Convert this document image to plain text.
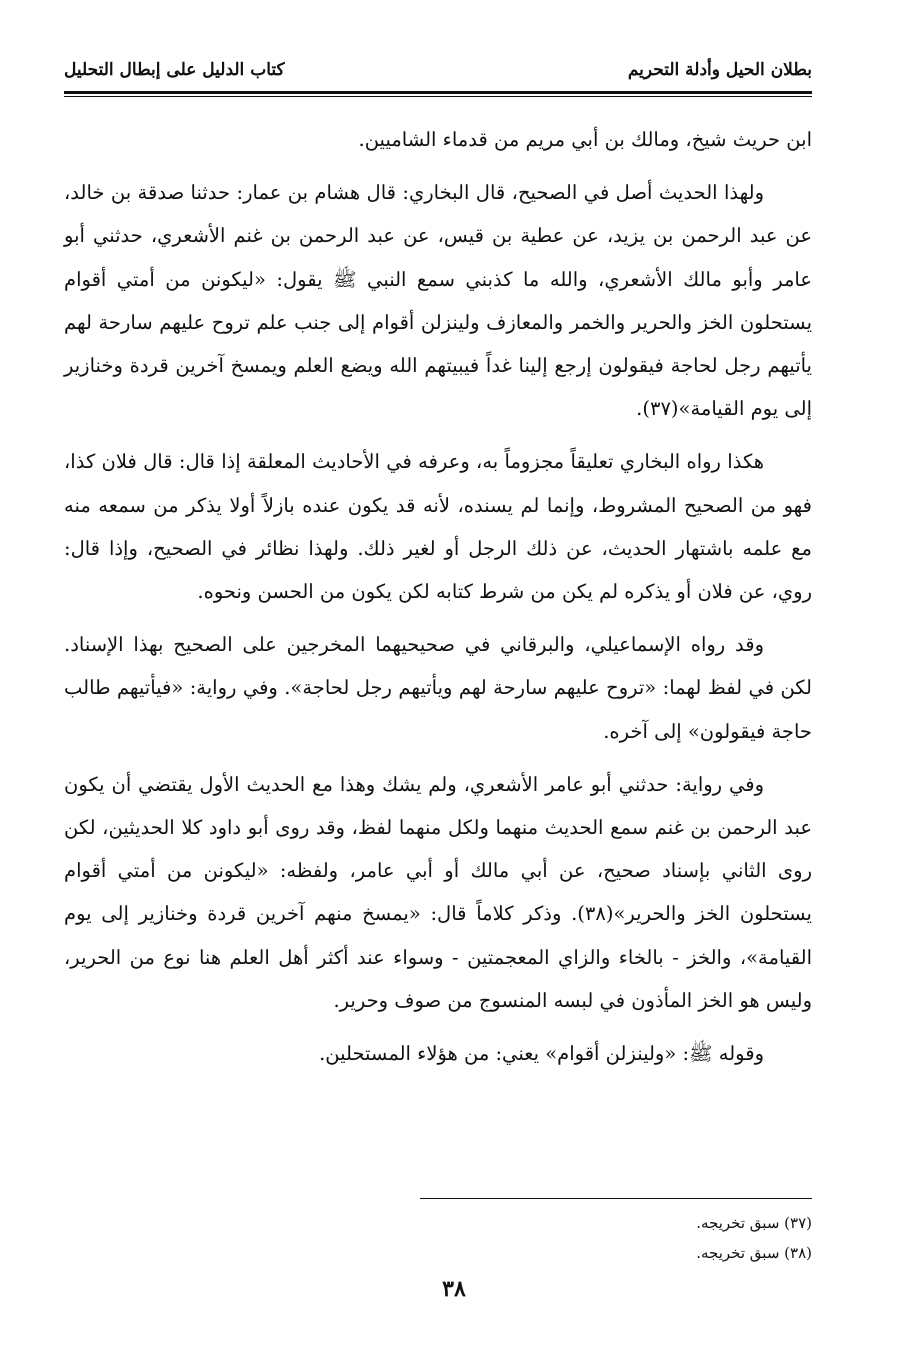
بطلان الحيل وأدلة التحريم
كتاب الدليل على إبطال التحليل

ابن حريث شيخ، ومالك بن أبي مريم من قدماء الشاميين.

ولهذا الحديث أصل في الصحيح، قال البخاري: قال هشام بن عمار: حدثنا صدقة بن خالد، عن عبد الرحمن بن يزيد، عن عطية بن قيس، عن عبد الرحمن بن غنم الأشعري، حدثني أبو عامر وأبو مالك الأشعري، والله ما كذبني سمع النبي ﷺ يقول: «ليكونن من أمتي أقوام يستحلون الخز والحرير والخمر والمعازف ولينزلن أقوام إلى جنب علم تروح عليهم سارحة لهم يأتيهم رجل لحاجة فيقولون إرجع إلينا غداً فيبيتهم الله ويضع العلم ويمسخ آخرين قردة وخنازير إلى يوم القيامة»(٣٧).

هكذا رواه البخاري تعليقاً مجزوماً به، وعرفه في الأحاديث المعلقة إذا قال: قال فلان كذا، فهو من الصحيح المشروط، وإنما لم يسنده، لأنه قد يكون عنده بازلاً أولا يذكر من سمعه منه مع علمه باشتهار الحديث، عن ذلك الرجل أو لغير ذلك. ولهذا نظائر في الصحيح، وإذا قال: روي، عن فلان أو يذكره لم يكن من شرط كتابه لكن يكون من الحسن ونحوه.

وقد رواه الإسماعيلي، والبرقاني في صحيحيهما المخرجين على الصحيح بهذا الإسناد. لكن في لفظ لهما: «تروح عليهم سارحة لهم ويأتيهم رجل لحاجة». وفي رواية: «فيأتيهم طالب حاجة فيقولون» إلى آخره.

وفي رواية: حدثني أبو عامر الأشعري، ولم يشك وهذا مع الحديث الأول يقتضي أن يكون عبد الرحمن بن غنم سمع الحديث منهما ولكل منهما لفظ، وقد روى أبو داود كلا الحديثين، لكن روى الثاني بإسناد صحيح، عن أبي مالك أو أبي عامر، ولفظه: «ليكونن من أمتي أقوام يستحلون الخز والحرير»(٣٨). وذكر كلاماً قال: «يمسخ منهم آخرين قردة وخنازير إلى يوم القيامة»، والخز - بالخاء والزاي المعجمتين - وسواء عند أكثر أهل العلم هنا نوع من الحرير، وليس هو الخز المأذون في لبسه المنسوج من صوف وحرير.

وقوله ﷺ: «ولينزلن أقوام» يعني: من هؤلاء المستحلين.

(٣٧) سبق تخريجه.

(٣٨) سبق تخريجه.

٣٨
